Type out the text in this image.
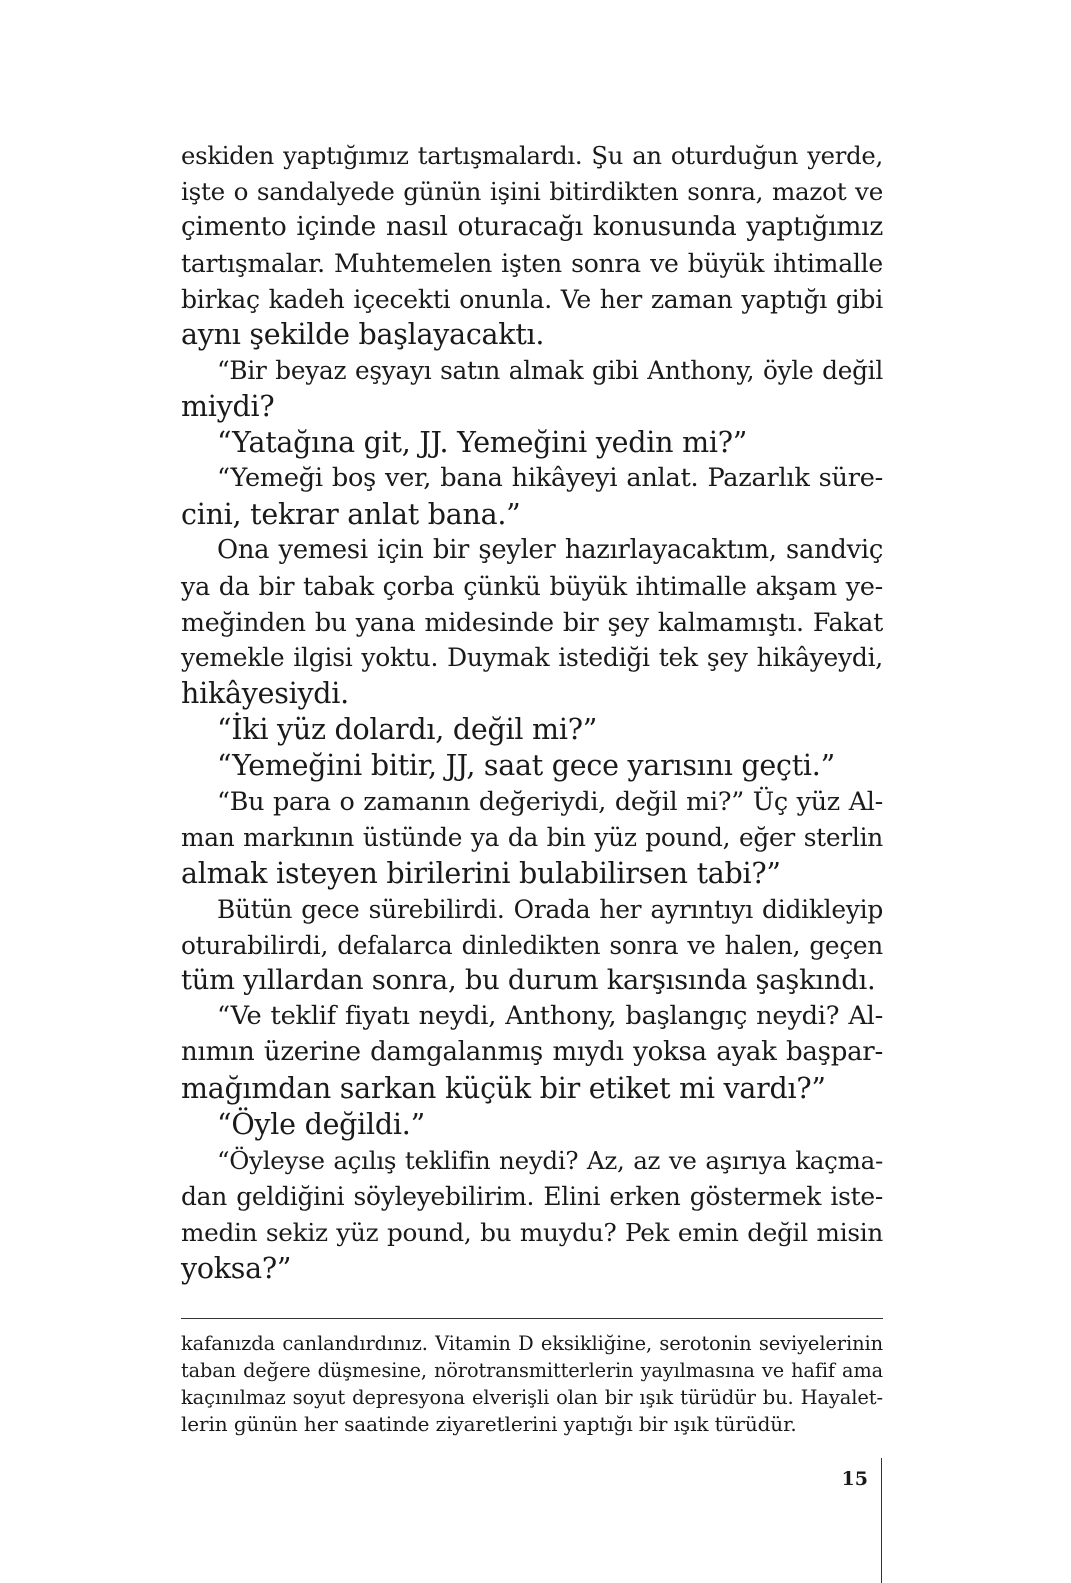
eskiden yaptığımız tartışmalardı. Şu an oturduğun yerde,
işte o sandalyede günün işini bitirdikten sonra, mazot ve
çimento içinde nasıl oturacağı konusunda yaptığımız
tartışmalar. Muhtemelen işten sonra ve büyük ihtimalle
birkaç kadeh içecekti onunla. Ve her zaman yaptığı gibi
aynı şekilde başlayacaktı.
“Bir beyaz eşyayı satın almak gibi Anthony, öyle değil
miydi?
“Yatağına git, JJ. Yemeğini yedin mi?”
“Yemeği boş ver, bana hikâyeyi anlat. Pazarlık süre-
cini, tekrar anlat bana.”
Ona yemesi için bir şeyler hazırlayacaktım, sandviç
ya da bir tabak çorba çünkü büyük ihtimalle akşam ye-
meğinden bu yana midesinde bir şey kalmamıştı. Fakat
yemekle ilgisi yoktu. Duymak istediği tek şey hikâyeydi,
hikâyesiydi.
“İki yüz dolardı, değil mi?”
“Yemeğini bitir, JJ, saat gece yarısını geçti.”
“Bu para o zamanın değeriydi, değil mi?” Üç yüz Al-
man markının üstünde ya da bin yüz pound, eğer sterlin
almak isteyen birilerini bulabilirsen tabi?”
Bütün gece sürebilirdi. Orada her ayrıntıyı didikleyip
oturabilirdi, defalarca dinledikten sonra ve halen, geçen
tüm yıllardan sonra, bu durum karşısında şaşkındı.
“Ve teklif fiyatı neydi, Anthony, başlangıç neydi? Al-
nımın üzerine damgalanmış mıydı yoksa ayak başpar-
mağımdan sarkan küçük bir etiket mi vardı?”
“Öyle değildi.”
“Öyleyse açılış teklifin neydi? Az, az ve aşırıya kaçma-
dan geldiğini söyleyebilirim. Elini erken göstermek iste-
medin sekiz yüz pound, bu muydu? Pek emin değil misin
yoksa?”
kafanızda canlandırdınız. Vitamin D eksikliğine, serotonin seviyelerinin
taban değere düşmesine, nörotransmitterlerin yayılmasına ve hafif ama
kaçınılmaz soyut depresyona elverişli olan bir ışık türüdür bu. Hayalet-
lerin günün her saatinde ziyaretlerini yaptığı bir ışık türüdür.
15
